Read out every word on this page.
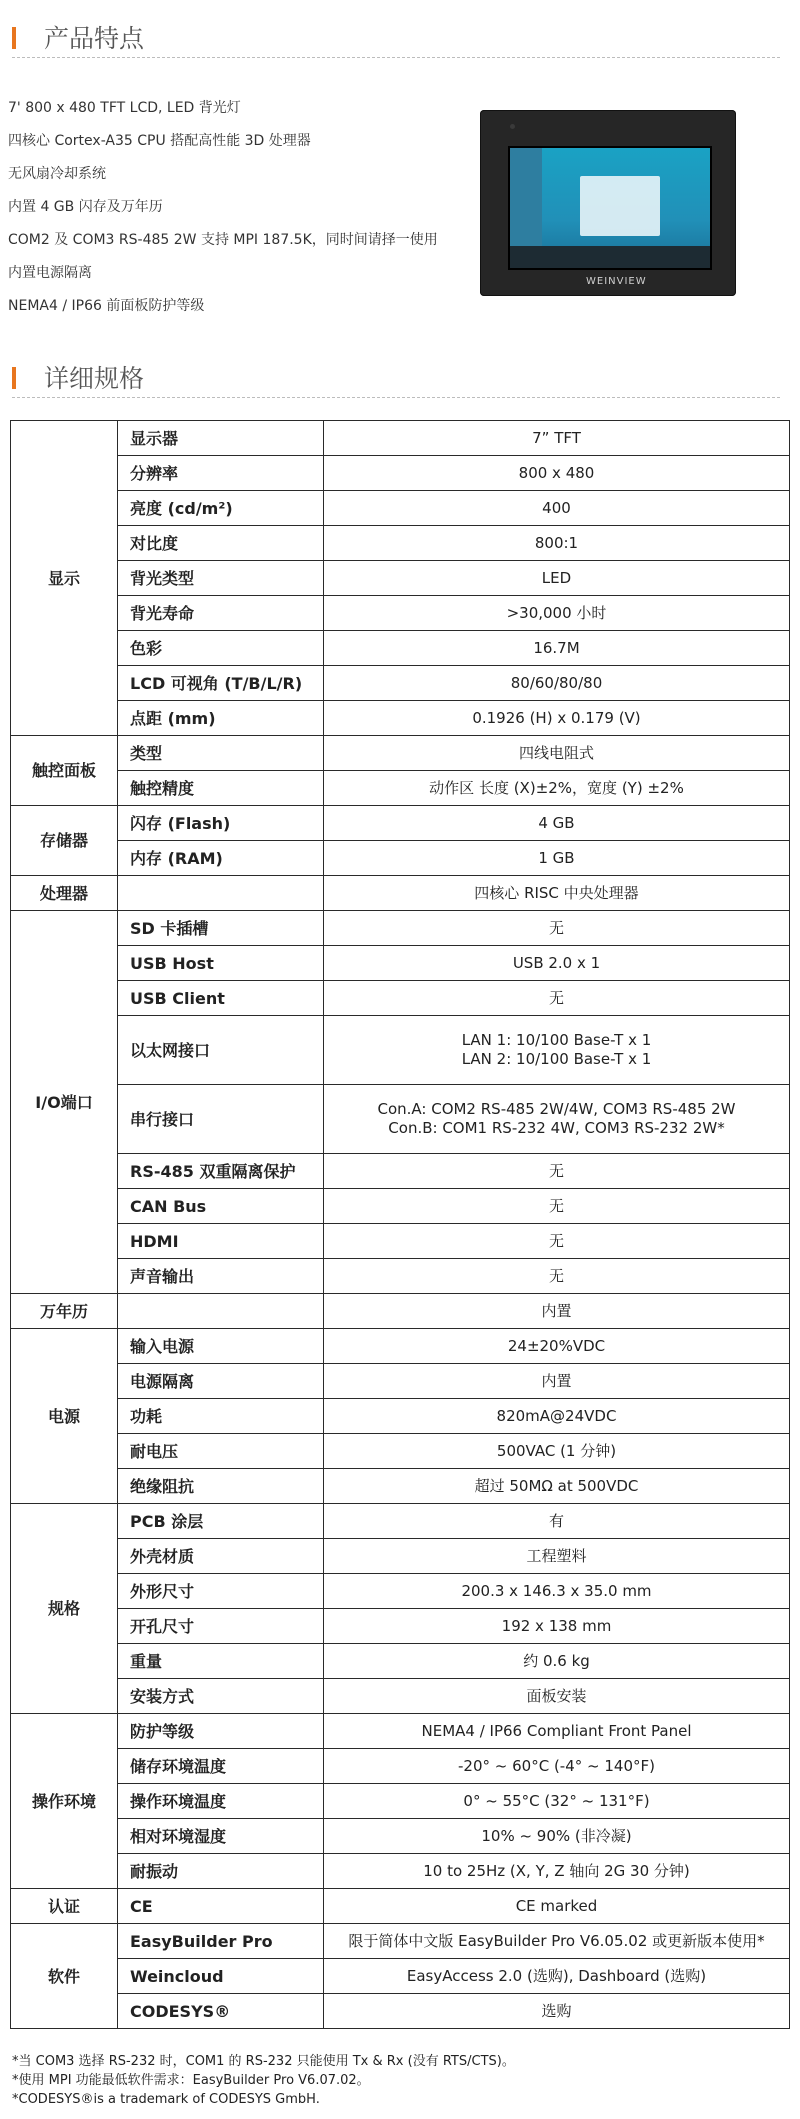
产品特点
7' 800 x 480 TFT LCD, LED 背光灯
四核心 Cortex-A35 CPU 搭配高性能 3D 处理器
无风扇冷却系统
内置 4 GB 闪存及万年历
COM2 及 COM3 RS-485 2W 支持 MPI 187.5K，同时间请择一使用
内置电源隔离
NEMA4 / IP66 前面板防护等级
WEINVIEW
详细规格
显示	显示器	7” TFT
	分辨率	800 x 480
	亮度 (cd/m²)	400
	对比度	800:1
	背光类型	LED
	背光寿命	>30,000 小时
	色彩	16.7M
	LCD 可视角 (T/B/L/R)	80/60/80/80
	点距 (mm)	0.1926 (H) x 0.179 (V)
触控面板	类型	四线电阻式
	触控精度	动作区 长度 (X)±2%，宽度 (Y) ±2%
存储器	闪存 (Flash)	4 GB
	内存 (RAM)	1 GB
处理器		四核心 RISC 中央处理器
I/O端口	SD 卡插槽	无
	USB Host	USB 2.0 x 1
	USB Client	无
	以太网接口	LAN 1: 10/100 Base-T x 1
LAN 2: 10/100 Base-T x 1

	串行接口	Con.A: COM2 RS-485 2W/4W, COM3 RS-485 2W
Con.B: COM1 RS-232 4W, COM3 RS-232 2W*

	RS-485 双重隔离保护	无
	CAN Bus	无
	HDMI	无
	声音输出	无
万年历		内置
电源	输入电源	24±20%VDC
	电源隔离	内置
	功耗	820mA@24VDC
	耐电压	500VAC (1 分钟)
	绝缘阻抗	超过 50MΩ at 500VDC
规格	PCB 涂层	有
	外壳材质	工程塑料
	外形尺寸	200.3 x 146.3 x 35.0 mm
	开孔尺寸	192 x 138 mm
	重量	约 0.6 kg
	安装方式	面板安装
操作环境	防护等级	NEMA4 / IP66 Compliant Front Panel
	储存环境温度	-20° ~ 60°C (-4° ~ 140°F)
	操作环境温度	0° ~ 55°C (32° ~ 131°F)
	相对环境湿度	10% ~ 90% (非冷凝)
	耐振动	10 to 25Hz (X, Y, Z 轴向 2G 30 分钟)
认证	CE	CE marked
软件	EasyBuilder Pro	限于简体中文版 EasyBuilder Pro V6.05.02 或更新版本使用*
	Weincloud	EasyAccess 2.0 (选购), Dashboard (选购)
	CODESYS®	选购
*当 COM3 选择 RS-232 时，COM1 的 RS-232 只能使用 Tx & Rx (没有 RTS/CTS)。
*使用 MPI 功能最低软件需求：EasyBuilder Pro V6.07.02。
*CODESYS®is a trademark of CODESYS GmbH.
